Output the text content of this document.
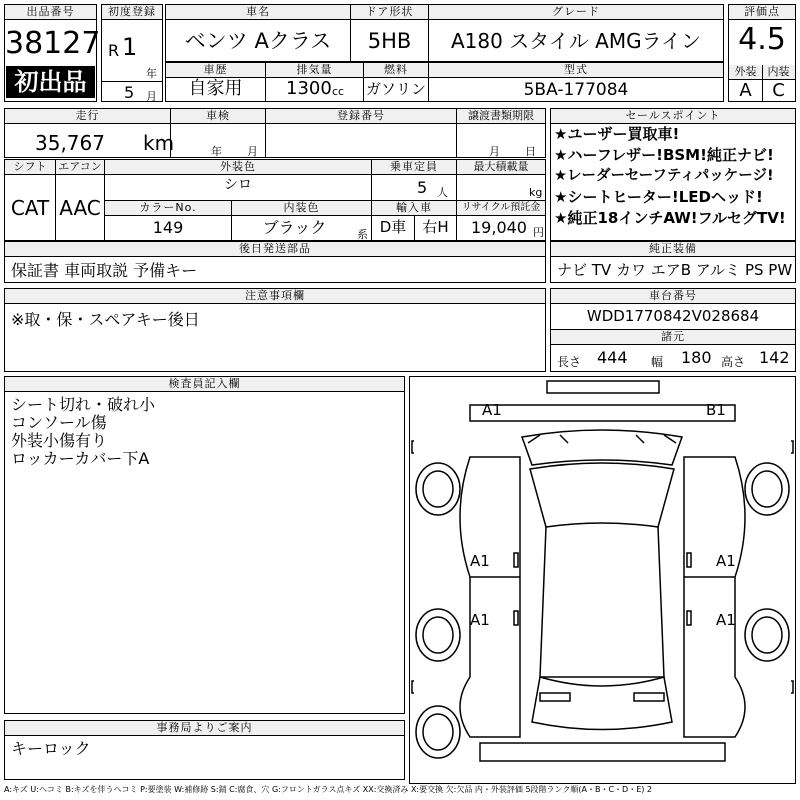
出品番号
38127
初出品
初度登録
R 1
年
5 月
車名
ベンツ Aクラス
ドア形状
5HB
グレード
A180 スタイル AMGライン
車歴
自家用
排気量
1300 cc
燃料
ガソリン
型式
5BA-177084
評価点
4.5
外装	内装
A	C
走行
35,767 km
車検
年 月
登録番号	譲渡書類期限
月 日
セールスポイント
★ユーザー買取車!
★ハーフレザー!BSM!純正ナビ!
★レーダーセーフティパッケージ!
★シートヒーター!LEDヘッド!
★純正18インチAW!フルセグTV!
シフト
CAT
エアコン
AAC
外装色
シロ
乗車定員
5 人
最大積載量
kg
カラーNo.
149
内装色
ブラック	系
輸入車
D車	右H
リサイクル預託金
19,040 円
後日発送部品
保証書 車両取説 予備キー
純正装備
ナビ TV カワ エアB アルミ PS PW
注意事項欄
※取・保・スペアキー後日
車台番号
WDD1770842V028684
諸元
長さ 444 幅 180 高さ 142
検査員記入欄
シート切れ・破れ小
コンソール傷
外装小傷有り
ロッカーカバー下A
A1	B1
A1
A1
A1
A1
事務局よりご案内
キーロック
A:キズ U:ヘコミ B:キズを伴うヘコミ P:要塗装 W:補修跡 S:錆 C:腐食、穴 G:フロントガラス点キズ XX:交換済み X:要交換 欠:欠品 内・外装評価 5段階ランク順(A・B・C・D・E) 2
